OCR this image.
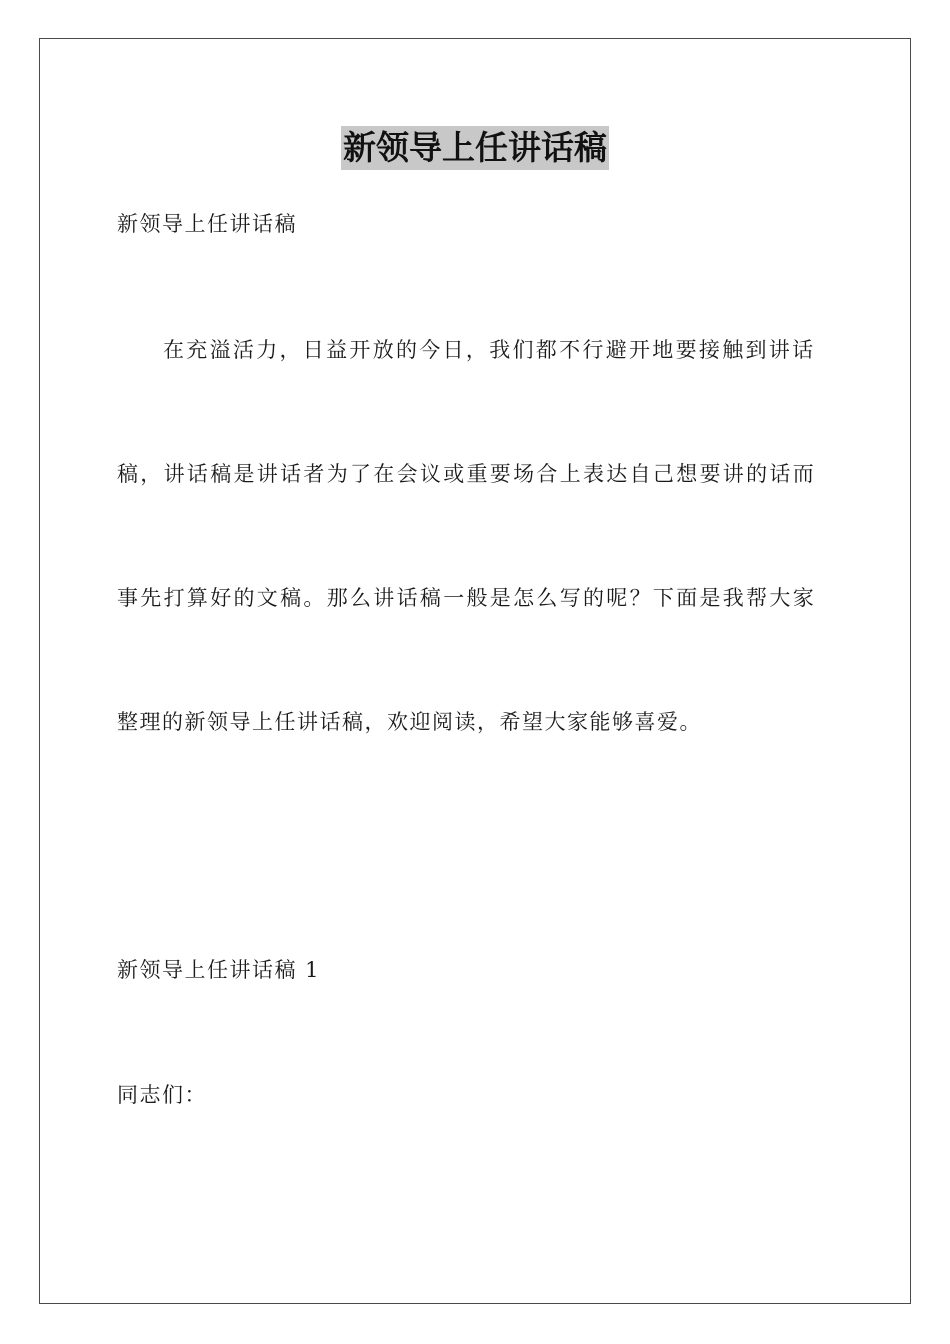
新领导上任讲话稿
新领导上任讲话稿
在充溢活力，日益开放的今日，我们都不行避开地要接触到讲话
稿，讲话稿是讲话者为了在会议或重要场合上表达自己想要讲的话而
事先打算好的文稿。那么讲话稿一般是怎么写的呢？下面是我帮大家
整理的新领导上任讲话稿，欢迎阅读，希望大家能够喜爱。
新领导上任讲话稿 1
同志们：
